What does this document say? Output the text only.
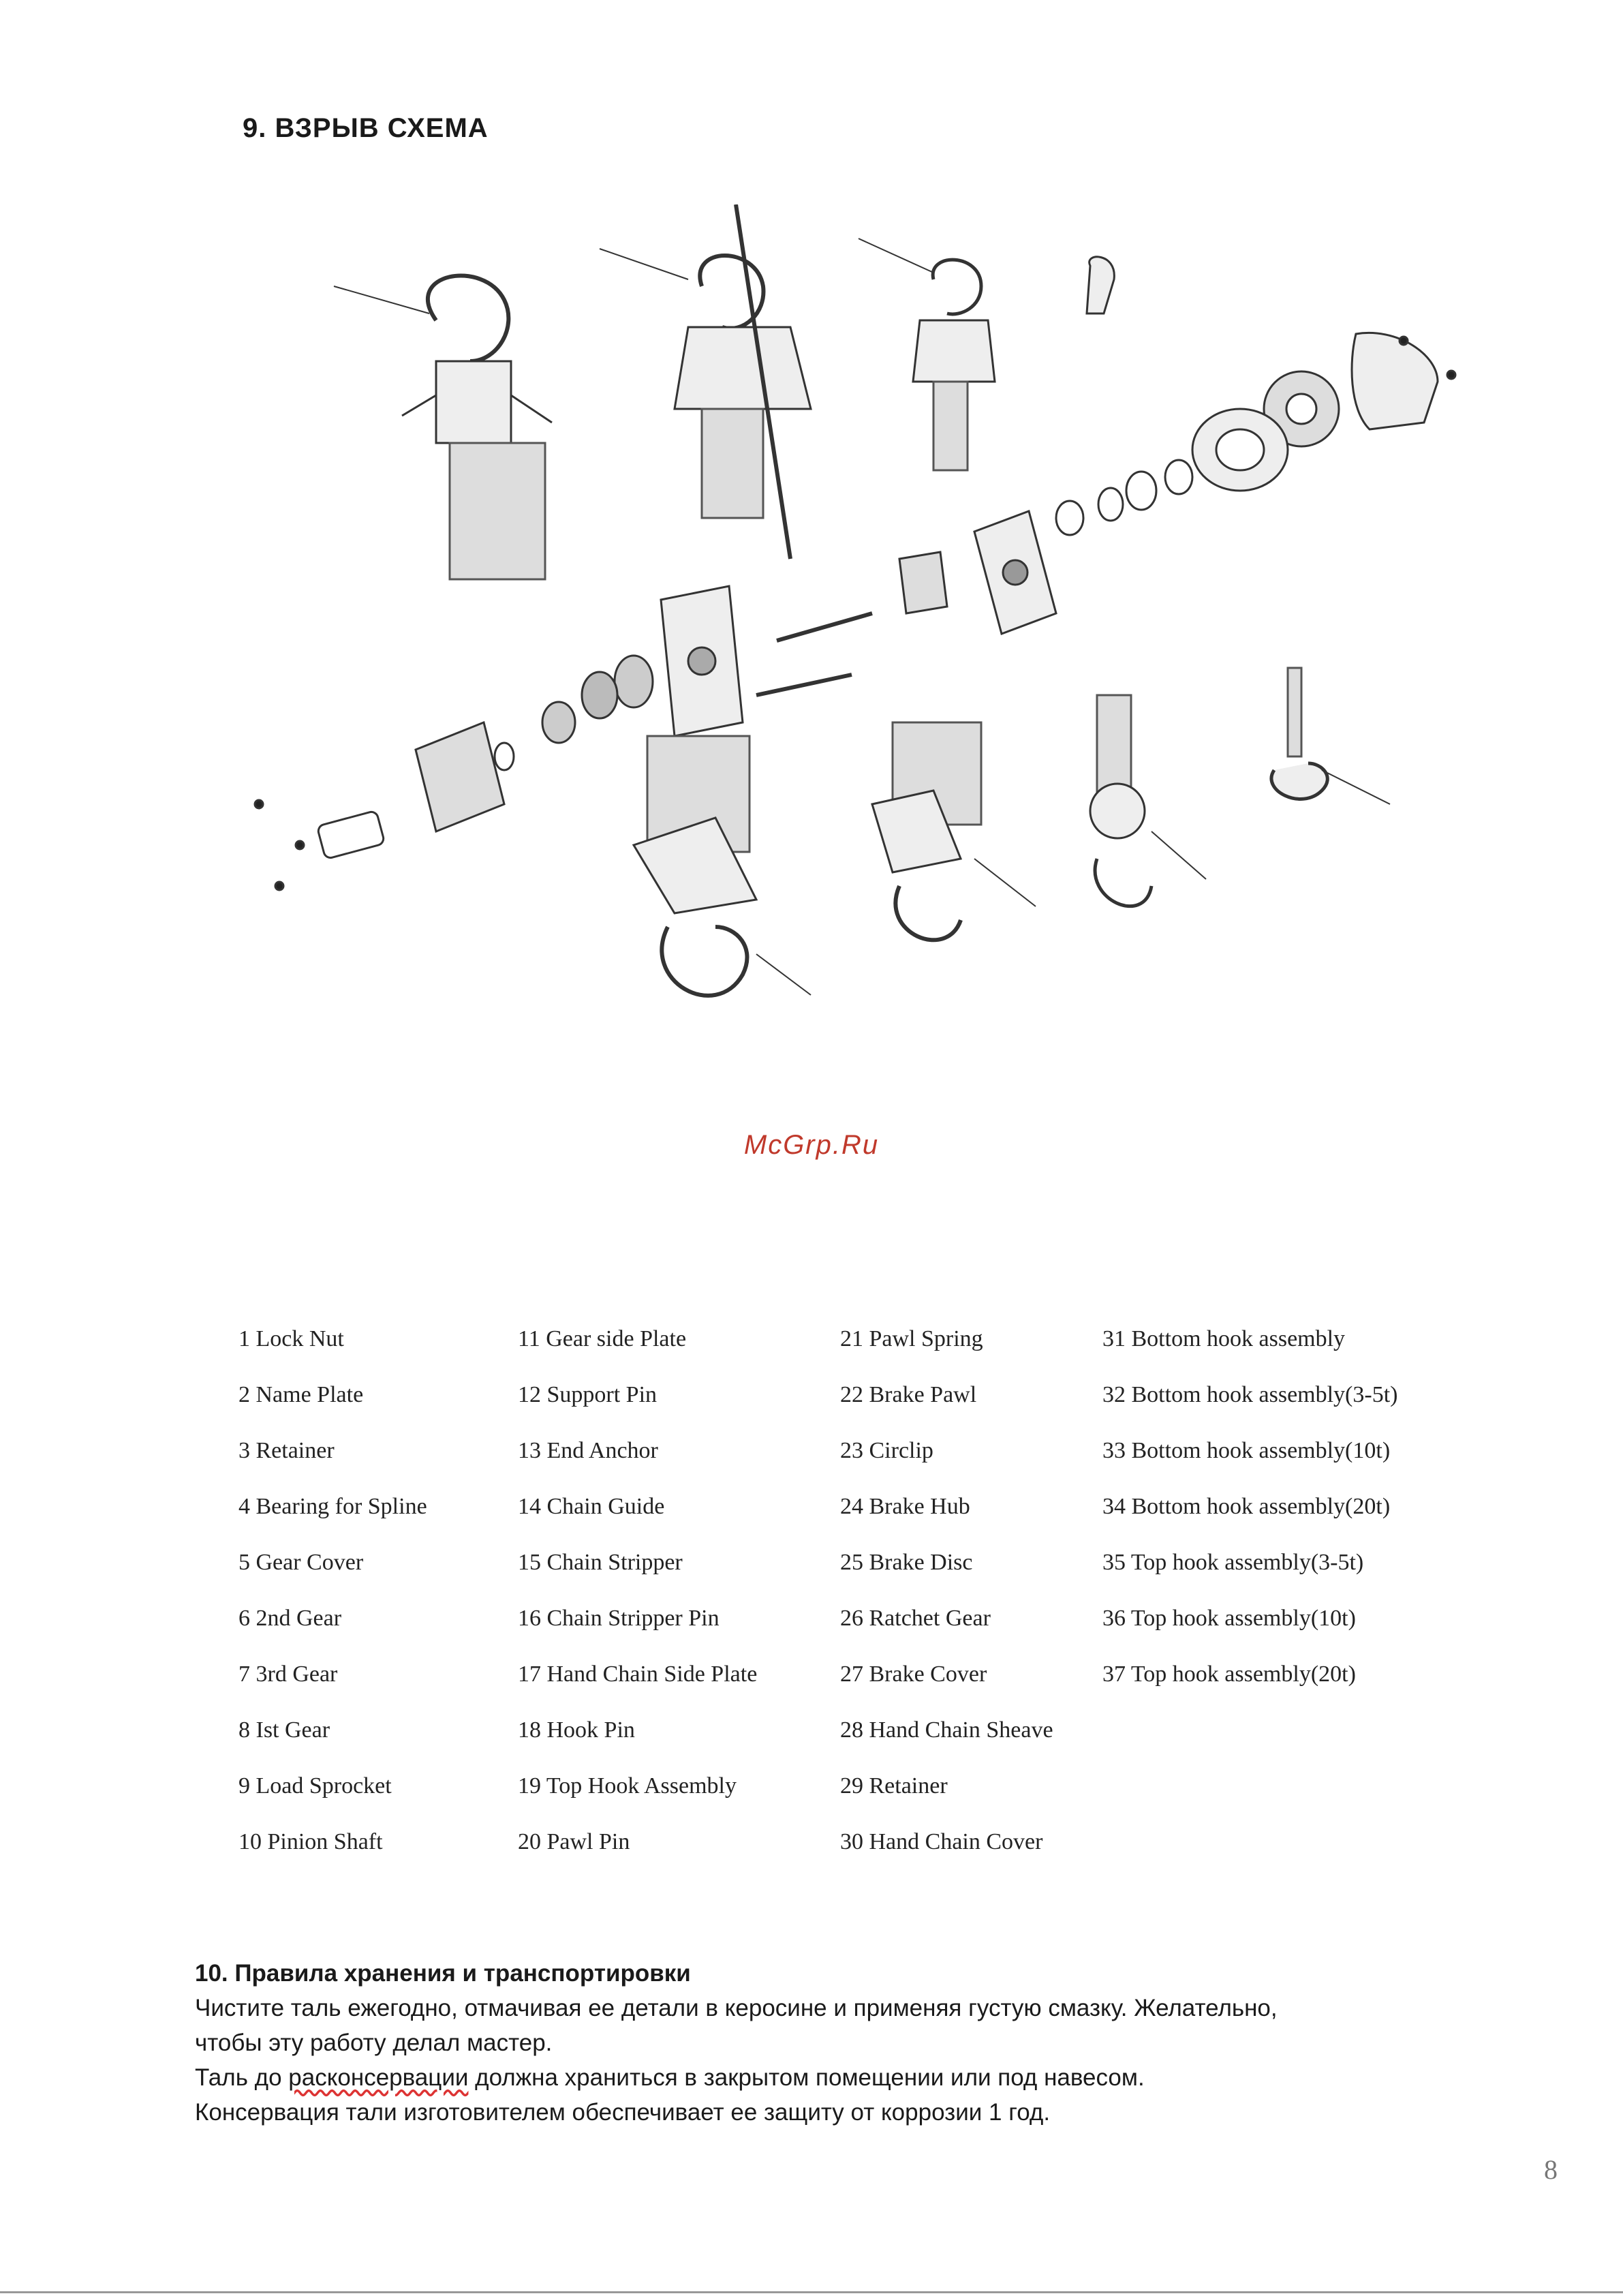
9. ВЗРЫВ СХЕМА
McGrp.Ru
1 Lock Nut
2 Name Plate
3 Retainer
4 Bearing for Spline
5 Gear Cover
6 2nd Gear
7 3rd Gear
8 Ist Gear
9 Load Sprocket
10 Pinion Shaft
11 Gear side Plate
12 Support Pin
13 End Anchor
14 Chain Guide
15 Chain Stripper
16 Chain Stripper Pin
17 Hand Chain Side Plate
18 Hook Pin
19 Top Hook Assembly
20 Pawl Pin
21 Pawl Spring
22 Brake Pawl
23 Circlip
24 Brake Hub
25 Brake Disc
26 Ratchet Gear
27 Brake Cover
28 Hand Chain Sheave
29 Retainer
30 Hand Chain Cover
31 Bottom hook assembly
32 Bottom hook assembly(3-5t)
33 Bottom hook assembly(10t)
34 Bottom hook assembly(20t)
35 Top hook assembly(3-5t)
36 Top hook assembly(10t)
37 Top hook assembly(20t)
10. Правила хранения и транспортировки
Чистите таль ежегодно, отмачивая ее детали в керосине и применяя густую смазку. Желательно,
чтобы эту работу делал мастер.
Таль до расконсервации должна храниться в закрытом помещении или под навесом.
Консервация тали изготовителем обеспечивает ее защиту от коррозии 1 год.
8
